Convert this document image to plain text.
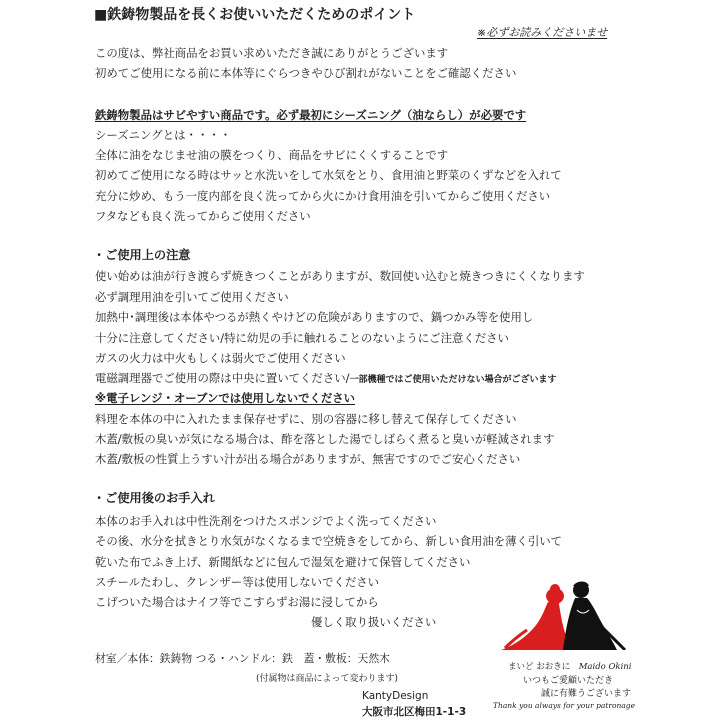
■鉄鋳物製品を長くお使いいただくためのポイント
※必ずお読みくださいませ
この度は、弊社商品をお買い求めいただき誠にありがとうございます
初めてご使用になる前に本体等にぐらつきやひび割れがないことをご確認ください
鉄鋳物製品はサビやすい商品です。必ず最初にシーズニング（油ならし）が必要です
シーズニングとは・・・・
全体に油をなじませ油の膜をつくり、商品をサビにくくすることです
初めてご使用になる時はサッと水洗いをして水気をとり、食用油と野菜のくずなどを入れて
充分に炒め、もう一度内部を良く洗ってから火にかけ食用油を引いてからご使用ください
フタなども良く洗ってからご使用ください
・ご使用上の注意
使い始めは油が行き渡らず焼きつくことがありますが、数回使い込むと焼きつきにくくなります
必ず調理用油を引いてご使用ください
加熱中･調理後は本体やつるが熱くやけどの危険がありますので、鍋つかみ等を使用し
十分に注意してください/特に幼児の手に触れることのないようにご注意ください
ガスの火力は中火もしくは弱火でご使用ください
電磁調理器でご使用の際は中央に置いてください/一部機種ではご使用いただけない場合がございます
※電子レンジ・オーブンでは使用しないでください
料理を本体の中に入れたまま保存せずに、別の容器に移し替えて保存してください
木蓋/敷板の臭いが気になる場合は、酢を落とした湯でしばらく煮ると臭いが軽減されます
木蓋/敷板の性質上うすい汁が出る場合がありますが、無害ですのでご安心ください
・ご使用後のお手入れ
本体のお手入れは中性洗剤をつけたスポンジでよく洗ってください
その後、水分を拭きとり水気がなくなるまで空焼きをしてから、新しい食用油を薄く引いて
乾いた布でふき上げ、新聞紙などに包んで湿気を避けて保管してください
スチールたわし、クレンザー等は使用しないでください
こげついた場合はナイフ等でこすらずお湯に浸してから
優しく取り扱いください
材室／本体：鉄鋳物 つる・ハンドル：鉄　蓋・敷板：天然木
(付属物は商品によって変わります)
KantyDesign
大阪市北区梅田1-1-3
まいど おおきに　 Maido Okini
いつもご愛顧いただき
誠に有難うございます
Thank you always for your patronage
